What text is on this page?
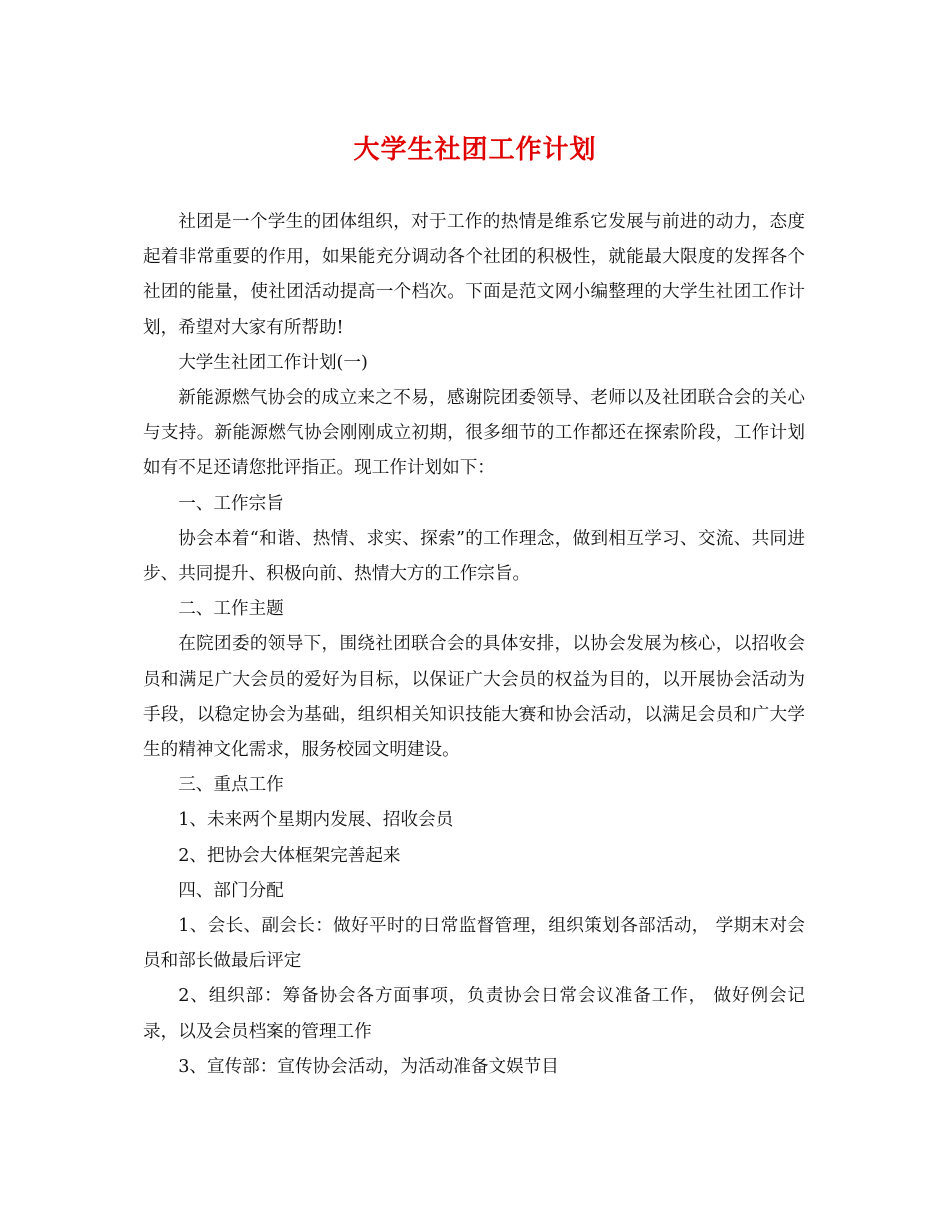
大学生社团工作计划

社团是一个学生的团体组织，对于工作的热情是维系它发展与前进的动力，态度起着非常重要的作用，如果能充分调动各个社团的积极性，就能最大限度的发挥各个社团的能量，使社团活动提高一个档次。下面是范文网小编整理的大学生社团工作计划，希望对大家有所帮助!

大学生社团工作计划(一)

新能源燃气协会的成立来之不易，感谢院团委领导、老师以及社团联合会的关心与支持。新能源燃气协会刚刚成立初期，很多细节的工作都还在探索阶段，工作计划如有不足还请您批评指正。现工作计划如下：

一、工作宗旨

协会本着“和谐、热情、求实、探索”的工作理念，做到相互学习、交流、共同进步、共同提升、积极向前、热情大方的工作宗旨。

二、工作主题

在院团委的领导下，围绕社团联合会的具体安排，以协会发展为核心，以招收会员和满足广大会员的爱好为目标，以保证广大会员的权益为目的，以开展协会活动为手段，以稳定协会为基础，组织相关知识技能大赛和协会活动，以满足会员和广大学生的精神文化需求，服务校园文明建设。

三、重点工作

1、未来两个星期内发展、招收会员

2、把协会大体框架完善起来

四、部门分配

1、会长、副会长：做好平时的日常监督管理，组织策划各部活动， 学期末对会员和部长做最后评定

2、组织部：筹备协会各方面事项，负责协会日常会议准备工作， 做好例会记录，以及会员档案的管理工作

3、宣传部：宣传协会活动，为活动准备文娱节目
